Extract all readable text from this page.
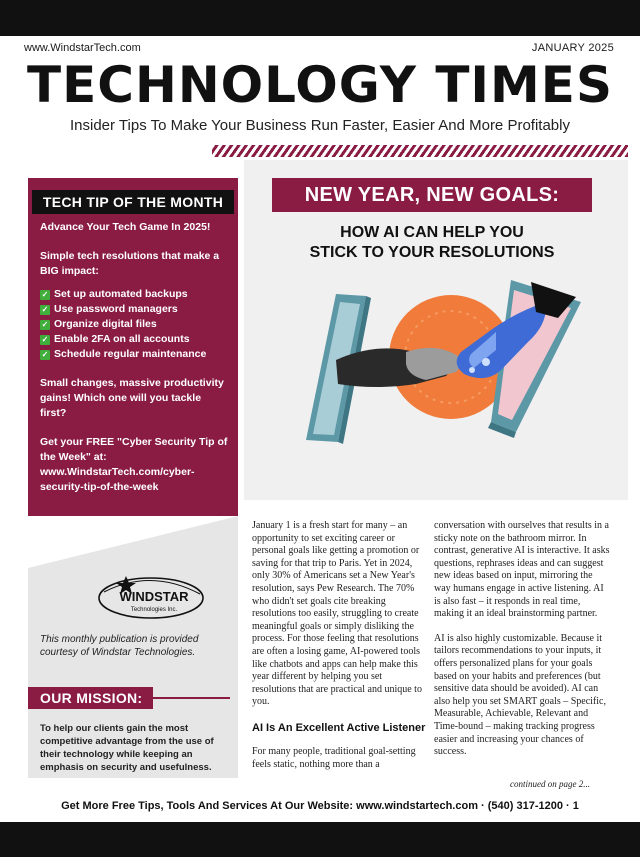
www.WindstarTech.com	JANUARY 2025
TECHNOLOGY TIMES
Insider Tips To Make Your Business Run Faster, Easier And More Profitably
TECH TIP OF THE MONTH

Advance Your Tech Game In 2025!

Simple tech resolutions that make a BIG impact:

✓ Set up automated backups
✓ Use password managers
✓ Organize digital files
✓ Enable 2FA on all accounts
✓ Schedule regular maintenance

Small changes, massive productivity gains! Which one will you tackle first?

Get your FREE "Cyber Security Tip of the Week" at: www.WindstarTech.com/cyber-security-tip-of-the-week

WINDSTAR
Technologies Inc.
This monthly publication is provided courtesy of Windstar Technologies.
OUR MISSION:
To help our clients gain the most competitive advantage from the use of their technology while keeping an emphasis on security and usefulness.
NEW YEAR, NEW GOALS:
HOW AI CAN HELP YOU
STICK TO YOUR RESOLUTIONS

January 1 is a fresh start for many – an opportunity to set exciting career or personal goals like getting a promotion or saving for that trip to Paris. Yet in 2024, only 30% of Americans set a New Year's resolution, says Pew Research. The 70% who didn't set goals cite breaking resolutions too easily, struggling to create meaningful goals or simply disliking the process. For those feeling that resolutions are often a losing game, AI-powered tools like chatbots and apps can help make this year different by helping you set resolutions that are practical and unique to you.

AI Is An Excellent Active Listener

For many people, traditional goal-setting feels static, nothing more than a

conversation with ourselves that results in a sticky note on the bathroom mirror. In contrast, generative AI is interactive. It asks questions, rephrases ideas and can suggest new ideas based on input, mirroring the way humans engage in active listening. AI is also fast – it responds in real time, making it an ideal brainstorming partner.

AI is also highly customizable. Because it tailors recommendations to your inputs, it offers personalized plans for your goals based on your habits and preferences (but sensitive data should be avoided). AI can also help you set SMART goals – Specific, Measurable, Achievable, Relevant and Time-bound – making tracking progress easier and increasing your chances of success.

continued on page 2...
Get More Free Tips, Tools And Services At Our Website: www.windstartech.com · (540) 317-1200 · 1
